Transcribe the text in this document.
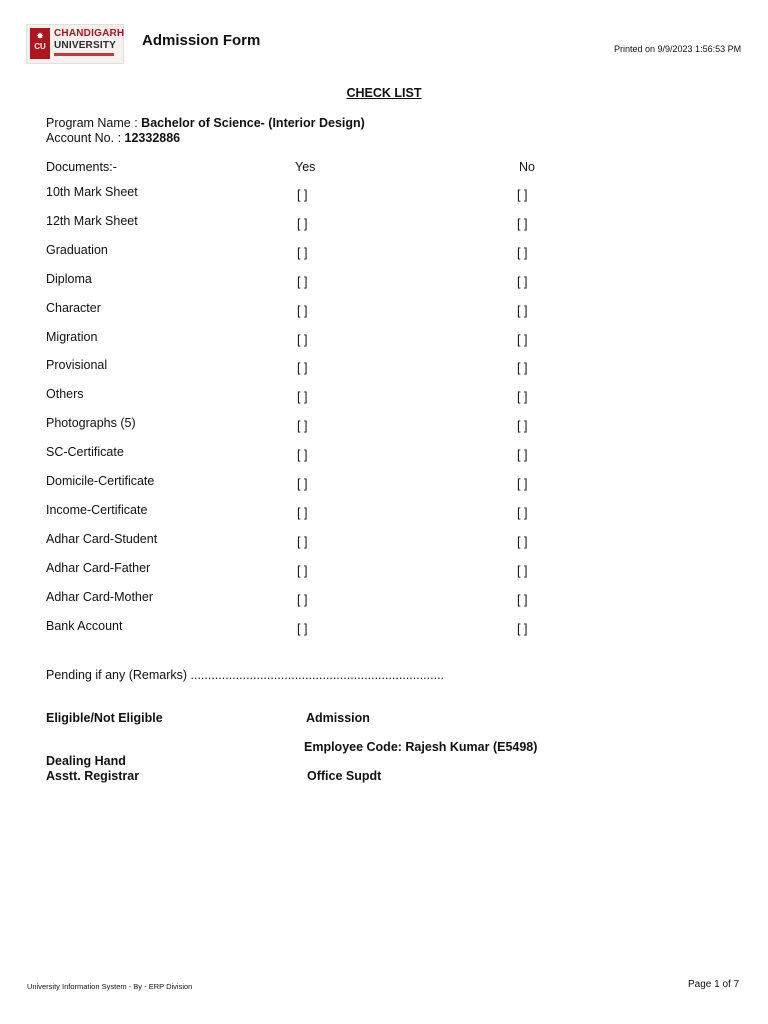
✸
CU
CHANDIGARH
UNIVERSITY Admission Form	Printed on 9/9/2023 1:56:53 PM
CHECK LIST
Program Name : Bachelor of Science- (Interior Design)
Account No. : 12332886
Documents:-	Yes	No
10th Mark Sheet	[ ]	[ ]
12th Mark Sheet	[ ]	[ ]
Graduation	[ ]	[ ]
Diploma	[ ]	[ ]
Character	[ ]	[ ]
Migration	[ ]	[ ]
Provisional	[ ]	[ ]
Others	[ ]	[ ]
Photographs (5)	[ ]	[ ]
SC-Certificate	[ ]	[ ]
Domicile-Certificate	[ ]	[ ]
Income-Certificate	[ ]	[ ]
Adhar Card-Student	[ ]	[ ]
Adhar Card-Father	[ ]	[ ]
Adhar Card-Mother	[ ]	[ ]
Bank Account	[ ]	[ ]
Pending if any (Remarks) .........................................................................
Eligible/Not Eligible	Admission
Employee Code: Rajesh Kumar (E5498)
Dealing Hand
Asstt. Registrar	Office Supdt
University Information System - By - ERP Division	Page 1 of 7
